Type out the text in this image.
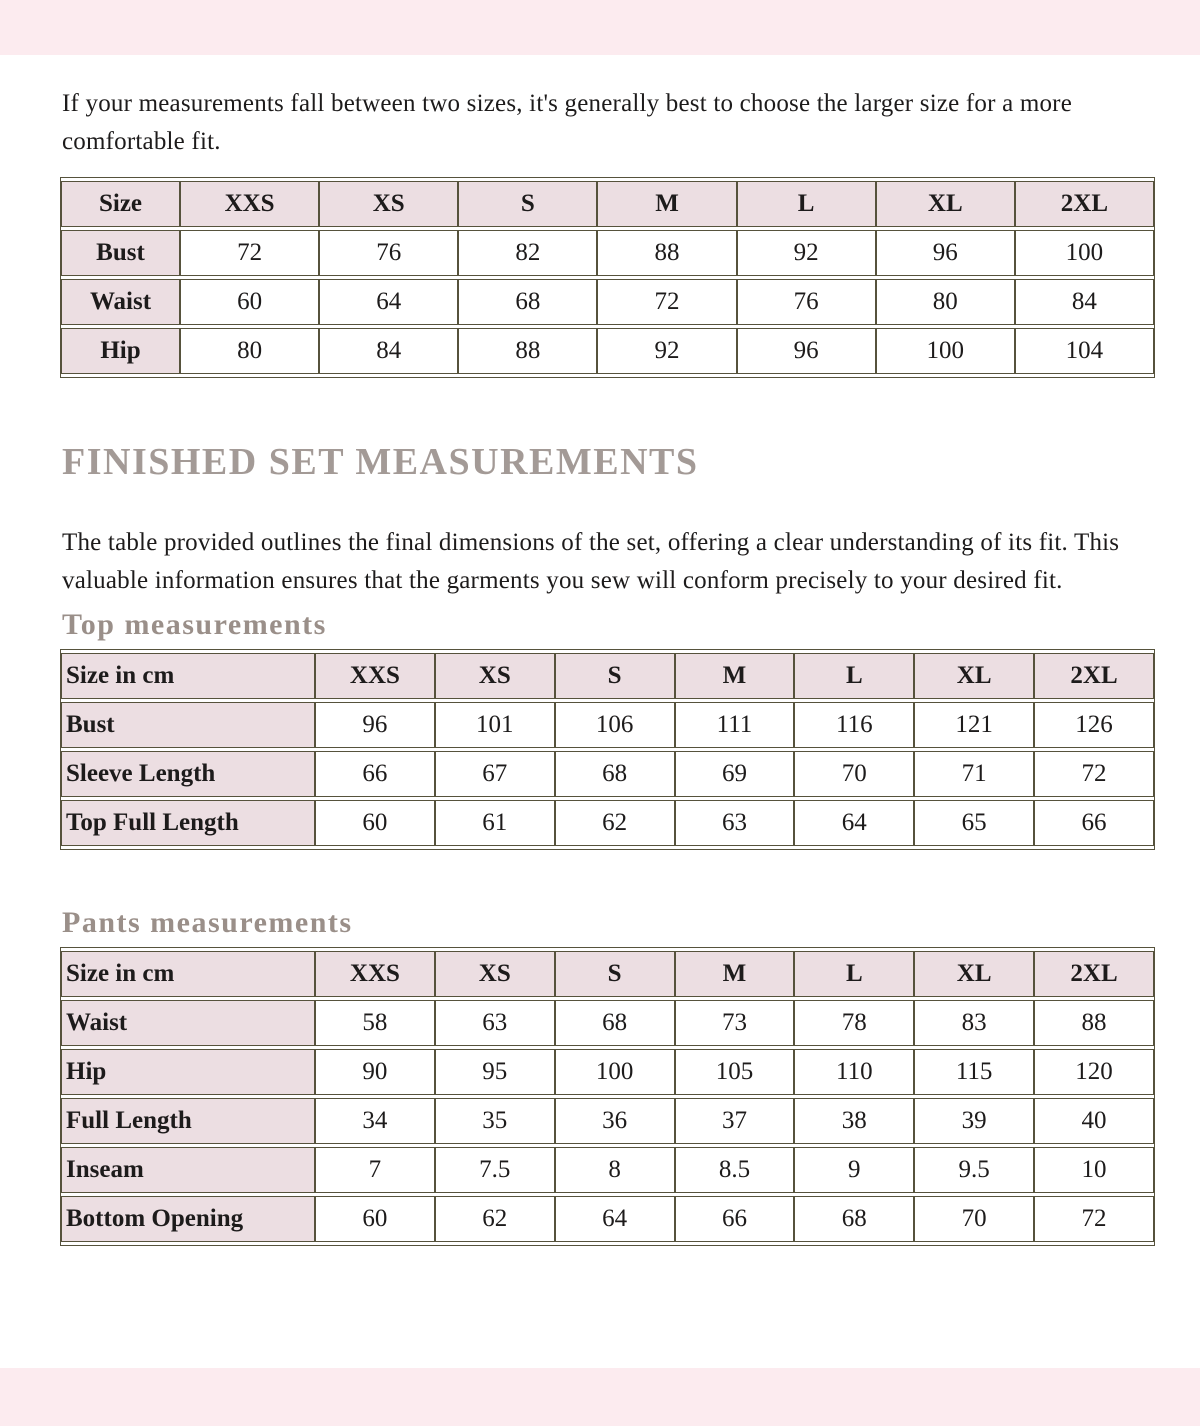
If your measurements fall between two sizes, it's generally best to choose the larger size for a more comfortable fit.

Size	XXS	XS	S	M	L	XL	2XL
Bust	72	76	82	88	92	96	100
Waist	60	64	68	72	76	80	84
Hip	80	84	88	92	96	100	104
FINISHED SET MEASUREMENTS

The table provided outlines the final dimensions of the set, offering a clear understanding of its fit. This valuable information ensures that the garments you sew will conform precisely to your desired fit.

Top measurements
Size in cm	XXS	XS	S	M	L	XL	2XL
Bust	96	101	106	111	116	121	126
Sleeve Length	66	67	68	69	70	71	72
Top Full Length	60	61	62	63	64	65	66
Pants measurements
Size in cm	XXS	XS	S	M	L	XL	2XL
Waist	58	63	68	73	78	83	88
Hip	90	95	100	105	110	115	120
Full Length	34	35	36	37	38	39	40
Inseam	7	7.5	8	8.5	9	9.5	10
Bottom Opening	60	62	64	66	68	70	72
